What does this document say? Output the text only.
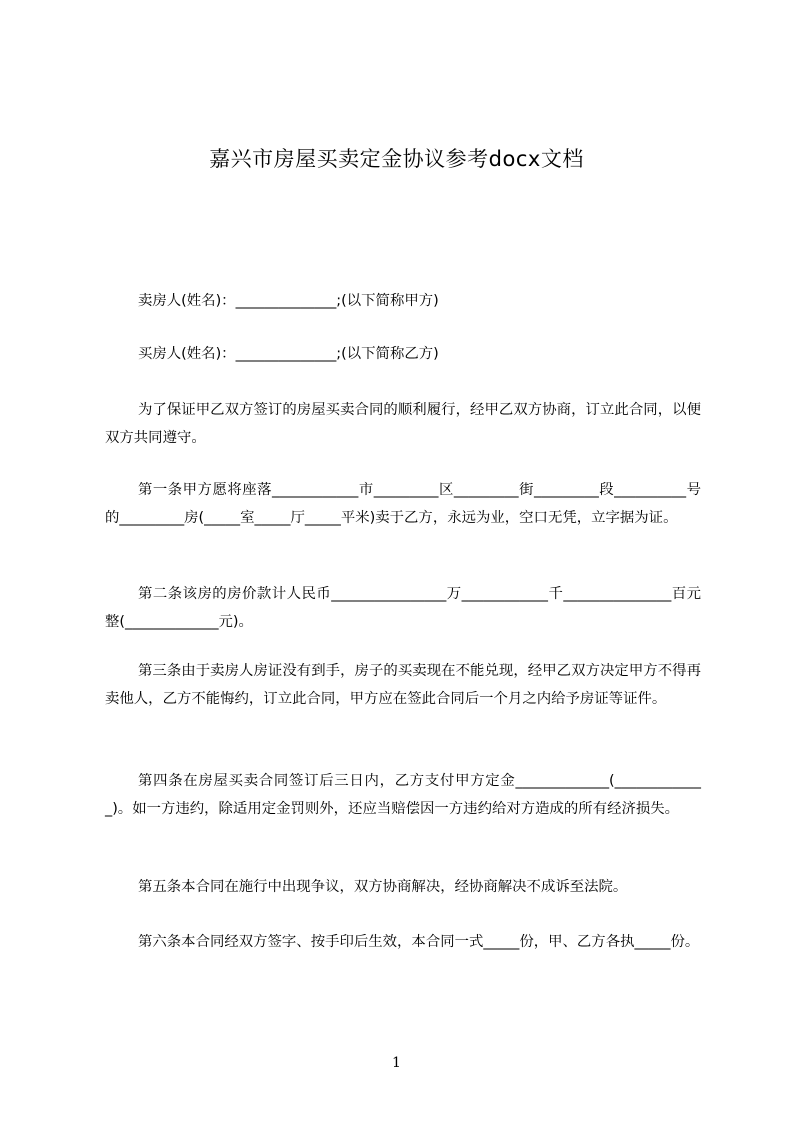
嘉兴市房屋买卖定金协议参考docx文档

卖房人(姓名)：______________;(以下简称甲方)

买房人(姓名)：______________;(以下简称乙方)

为了保证甲乙双方签订的房屋买卖合同的顺利履行，经甲乙双方协商，订立此合同，以便双方共同遵守。

第一条甲方愿将座落____________市_________区_________街_________段__________号的_________房(_____室_____厅_____平米)卖于乙方，永远为业，空口无凭，立字据为证。

第二条该房的房价款计人民币________________万____________千_______________百元整(_____________元)。

第三条由于卖房人房证没有到手，房子的买卖现在不能兑现，经甲乙双方决定甲方不得再卖他人，乙方不能悔约，订立此合同，甲方应在签此合同后一个月之内给予房证等证件。

第四条在房屋买卖合同签订后三日内，乙方支付甲方定金_____________(_____________)。如一方违约，除适用定金罚则外，还应当赔偿因一方违约给对方造成的所有经济损失。

第五条本合同在施行中出现争议，双方协商解决，经协商解决不成诉至法院。

第六条本合同经双方签字、按手印后生效，本合同一式_____份，甲、乙方各执_____份。

1
